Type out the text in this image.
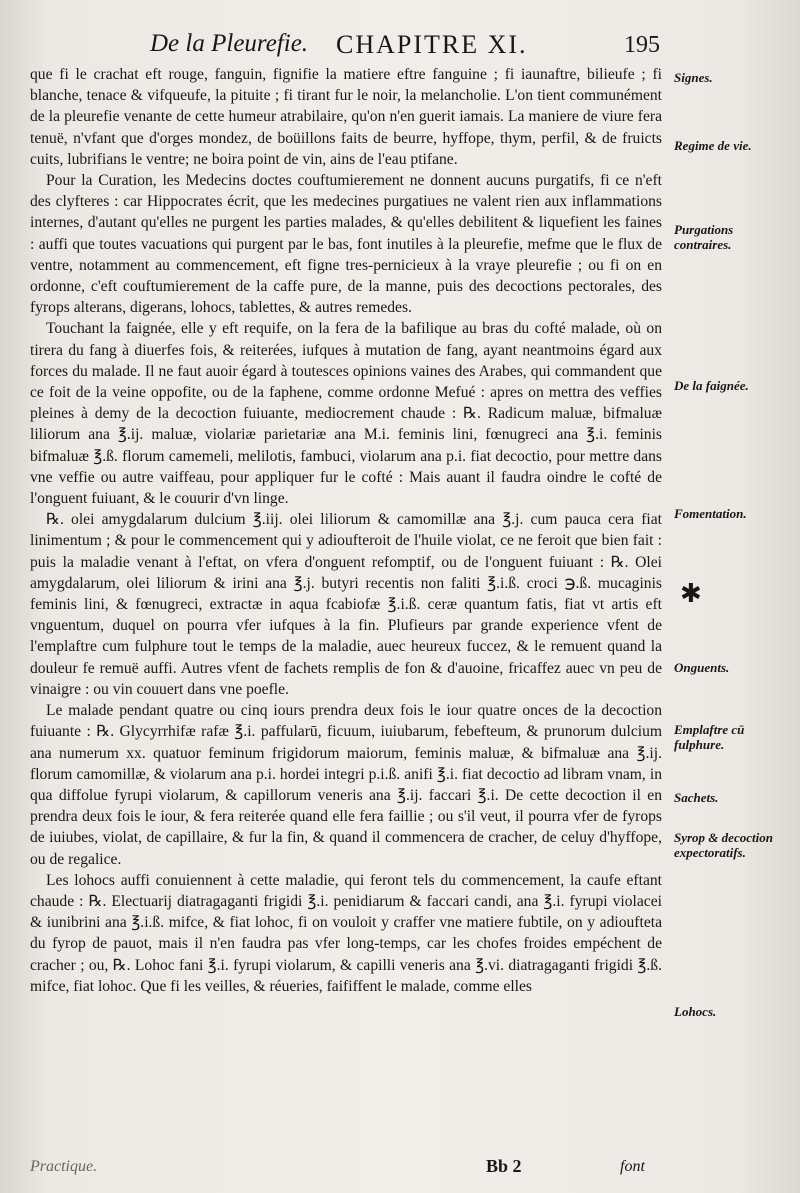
De la Pleurefie. CHAPITRE XI.	195

que fi le crachat eft rouge, fanguin, fignifie la matiere eftre fanguine ; fi iaunaftre, bilieufe ; fi blanche, tenace & vifqueufe, la pituite ; fi tirant fur le noir, la melancholie. L'on tient communément de la pleurefie venante de cette humeur atrabilaire, qu'on n'en guerit iamais. La maniere de viure fera tenuë, n'vfant que d'orges mondez, de boüillons faits de beurre, hyffope, thym, perfil, & de fruicts cuits, lubrifians le ventre; ne boira point de vin, ains de l'eau ptifane.

Pour la Curation, les Medecins doctes couftumierement ne donnent aucuns purgatifs, fi ce n'eft des clyfteres : car Hippocrates écrit, que les medecines purgatiues ne valent rien aux inflammations internes, d'autant qu'elles ne purgent les parties malades, & qu'elles debilitent & liquefient les faines : auffi que toutes vacuations qui purgent par le bas, font inutiles à la pleurefie, mefme que le flux de ventre, notamment au commencement, eft figne tres-pernicieux à la vraye pleurefie ; ou fi on en ordonne, c'eft couftumierement de la caffe pure, de la manne, puis des decoctions pectorales, des fyrops alterans, digerans, lohocs, tablettes, & autres remedes.

Touchant la faignée, elle y eft requife, on la fera de la bafilique au bras du cofté malade, où on tirera du fang à diuerfes fois, & reiterées, iufques à mutation de fang, ayant neantmoins égard aux forces du malade. Il ne faut auoir égard à toutesces opinions vaines des Arabes, qui commandent que ce foit de la veine oppofite, ou de la faphene, comme ordonne Mefué : apres on mettra des veffies pleines à demy de la decoction fuiuante, mediocrement chaude : ℞. Radicum maluæ, bifmaluæ liliorum ana ℥.ij. maluæ, violariæ parietariæ ana M.i. feminis lini, fœnugreci ana ℥.i. feminis bifmaluæ ℥.ß. florum camemeli, melilotis, fambuci, violarum ana p.i. fiat decoctio, pour mettre dans vne veffie ou autre vaiffeau, pour appliquer fur le cofté : Mais auant il faudra oindre le cofté de l'onguent fuiuant, & le couurir d'vn linge.

℞. olei amygdalarum dulcium ℥.iij. olei liliorum & camomillæ ana ℥.j. cum pauca cera fiat linimentum ; & pour le commencement qui y adioufteroit de l'huile violat, ce ne feroit que bien fait : puis la maladie venant à l'eftat, on vfera d'onguent refomptif, ou de l'onguent fuiuant : ℞. Olei amygdalarum, olei liliorum & irini ana ℥.j. butyri recentis non faliti ℥.i.ß. croci ℈.ß. mucaginis feminis lini, & fœnugreci, extractæ in aqua fcabiofæ ℥.i.ß. ceræ quantum fatis, fiat vt artis eft vnguentum, duquel on pourra vfer iufques à la fin. Plufieurs par grande experience vfent de l'emplaftre cum fulphure tout le temps de la maladie, auec heureux fuccez, & le remuent quand la douleur fe remuë auffi. Autres vfent de fachets remplis de fon & d'auoine, fricaffez auec vn peu de vinaigre : ou vin couuert dans vne poefle.

Le malade pendant quatre ou cinq iours prendra deux fois le iour quatre onces de la decoction fuiuante : ℞. Glycyrrhifæ rafæ ℥.i. paffularū, ficuum, iuiubarum, febefteum, & prunorum dulcium ana numerum xx. quatuor feminum frigidorum maiorum, feminis maluæ, & bifmaluæ ana ℥.ij. florum camomillæ, & violarum ana p.i. hordei integri p.i.ß. anifi ℥.i. fiat decoctio ad libram vnam, in qua diffolue fyrupi violarum, & capillorum veneris ana ℥.ij. faccari ℥.i. De cette decoction il en prendra deux fois le iour, & fera reiterée quand elle fera faillie ; ou s'il veut, il pourra vfer de fyrops de iuiubes, violat, de capillaire, & fur la fin, & quand il commencera de cracher, de celuy d'hyffope, ou de regalice.

Les lohocs auffi conuiennent à cette maladie, qui feront tels du commencement, la caufe eftant chaude : ℞. Electuarij diatragaganti frigidi ℥.i. penidiarum & faccari candi, ana ℥.i. fyrupi violacei & iunibrini ana ℥.i.ß. mifce, & fiat lohoc, fi on vouloit y craffer vne matiere fubtile, on y adioufteta du fyrop de pauot, mais il n'en faudra pas vfer long-temps, car les chofes froides empéchent de cracher ; ou, ℞. Lohoc fani ℥.i. fyrupi violarum, & capilli veneris ana ℥.vi. diatragaganti frigidi ℥.ß. mifce, fiat lohoc. Que fi les veilles, & réueries, faififfent le malade, comme elles

Signes.
Regime de vie.
Purgations contraires.
De la faignée.
Fomentation.
✱
Onguents.
Emplaftre cū fulphure.
Sachets.
Syrop & decoction expectoratifs.
Lohocs.
Practique.	Bb 2	font
